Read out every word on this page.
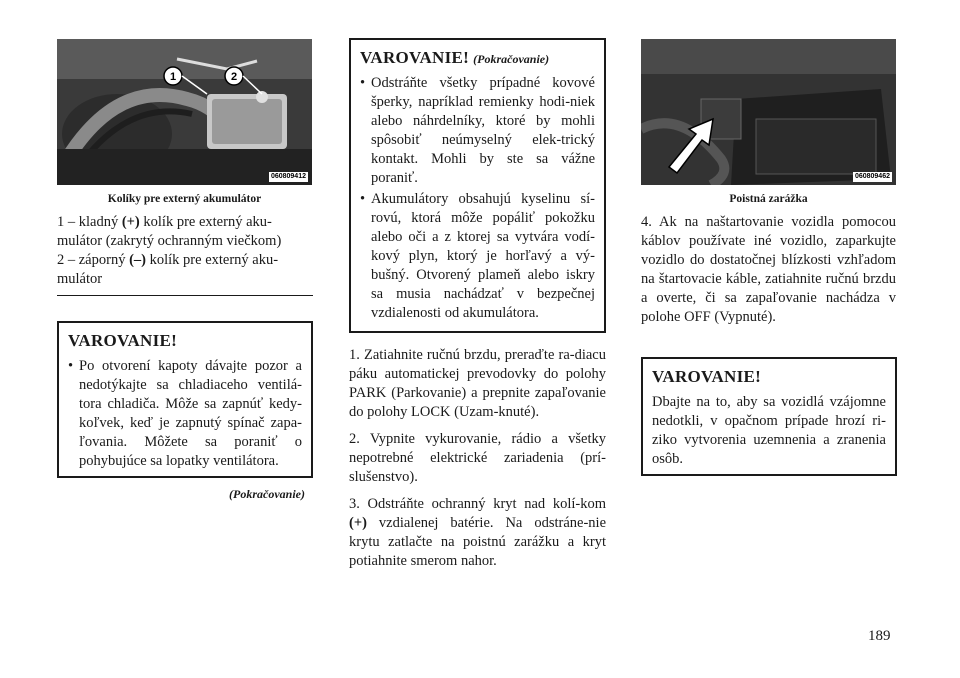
1	2
060809412
Kolíky pre externý akumulátor
1 – kladný (+) kolík pre externý aku-mulátor (zakrytý ochranným viečkom)
2 – záporný (–) kolík pre externý aku-mulátor
VAROVANIE!
• Po otvorení kapoty dávajte pozor a nedotýkajte sa chladiaceho ventilá-tora chladiča. Môže sa zapnúť kedy-koľvek, keď je zapnutý spínač zapa-ľovania. Môžete sa poraniť o pohybujúce sa lopatky ventilátora.
(Pokračovanie)
VAROVANIE! (Pokračovanie)
• Odstráňte všetky prípadné kovové šperky, napríklad remienky hodi-niek alebo náhrdelníky, ktoré by mohli spôsobiť neúmyselný elek-trický kontakt. Mohli by ste sa vážne poraniť.
• Akumulátory obsahujú kyselinu sí-rovú, ktorá môže popáliť pokožku alebo oči a z ktorej sa vytvára vodí-kový plyn, ktorý je horľavý a vý-bušný. Otvorený plameň alebo iskry sa musia nachádzať v bezpečnej vzdialenosti od akumulátora.

1. Zatiahnite ručnú brzdu, preraďte ra-diacu páku automatickej prevodovky do polohy PARK (Parkovanie) a prepnite zapaľovanie do polohy LOCK (Uzam-knuté).

2. Vypnite vykurovanie, rádio a všetky nepotrebné elektrické zariadenia (prí-slušenstvo).

3. Odstráňte ochranný kryt nad kolí-kom (+) vzdialenej batérie. Na odstráne-nie krytu zatlačte na poistnú zarážku a kryt potiahnite smerom nahor.

060809462
Poistná zarážka
4. Ak na naštartovanie vozidla pomocou káblov používate iné vozidlo, zaparkujte vozidlo do dostatočnej blízkosti vzhľadom na štartovacie káble, zatiahnite ručnú brzdu a overte, či sa zapaľovanie nachádza v polohe OFF (Vypnuté).
VAROVANIE!

Dbajte na to, aby sa vozidlá vzájomne nedotkli, v opačnom prípade hrozí ri-ziko vytvorenia uzemnenia a zranenia osôb.

189
